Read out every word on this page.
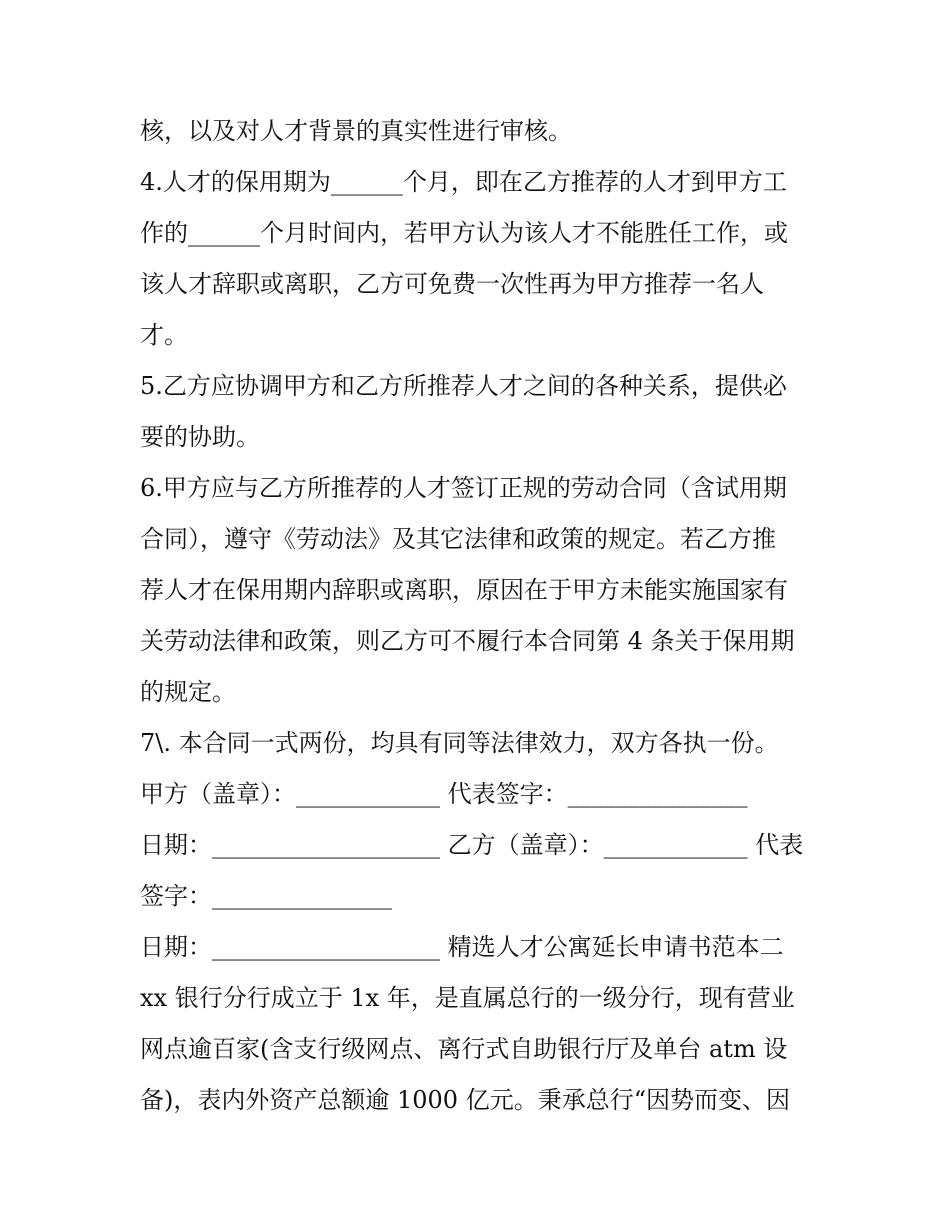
核，以及对人才背景的真实性进行审核。
4.人才的保用期为______个月，即在乙方推荐的人才到甲方工
作的______个月时间内，若甲方认为该人才不能胜任工作，或
该人才辞职或离职，乙方可免费一次性再为甲方推荐一名人
才。
5.乙方应协调甲方和乙方所推荐人才之间的各种关系，提供必
要的协助。
6.甲方应与乙方所推荐的人才签订正规的劳动合同（含试用期
合同），遵守《劳动法》及其它法律和政策的规定。若乙方推
荐人才在保用期内辞职或离职，原因在于甲方未能实施国家有
关劳动法律和政策，则乙方可不履行本合同第 4 条关于保用期
的规定。
7\. 本合同一式两份，均具有同等法律效力，双方各执一份。
甲方（盖章）：____________ 代表签字：_______________
日期：___________________ 乙方（盖章）：____________ 代表
签字：_______________
日期：___________________ 精选人才公寓延长申请书范本二
xx 银行分行成立于 1x 年，是直属总行的一级分行，现有营业
网点逾百家(含支行级网点、离行式自助银行厅及单台 atm 设
备)，表内外资产总额逾 1000 亿元。秉承总行“因势而变、因
